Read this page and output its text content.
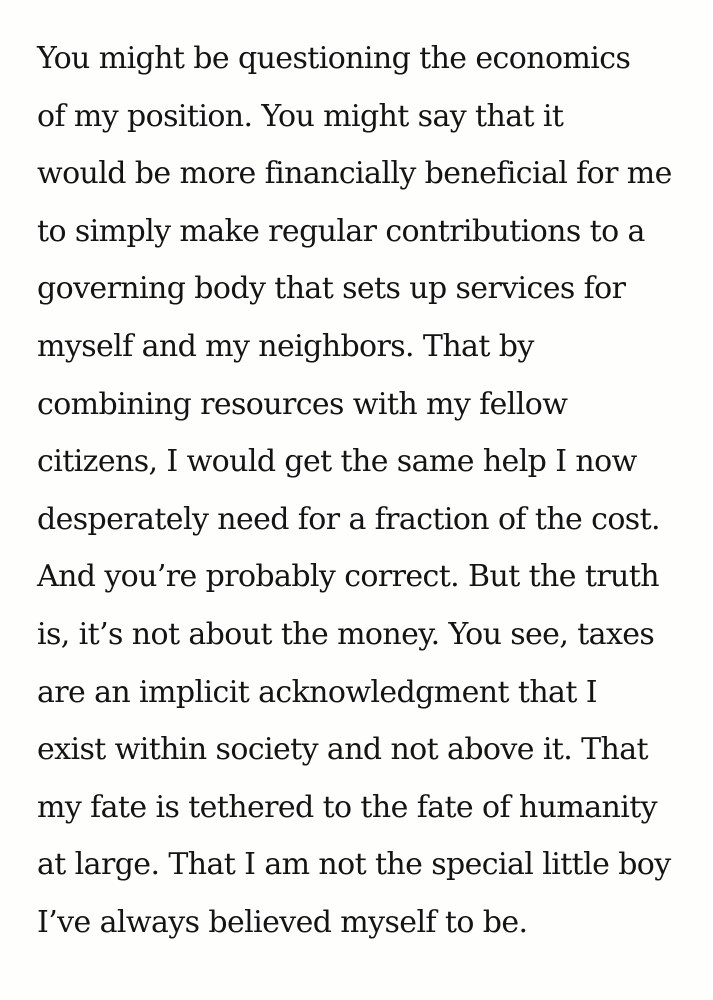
You might be questioning the economics
of my position. You might say that it
would be more financially beneficial for me
to simply make regular contributions to a
governing body that sets up services for
myself and my neighbors. That by
combining resources with my fellow
citizens, I would get the same help I now
desperately need for a fraction of the cost.
And you’re probably correct. But the truth
is, it’s not about the money. You see, taxes
are an implicit acknowledgment that I
exist within society and not above it. That
my fate is tethered to the fate of humanity
at large. That I am not the special little boy
I’ve always believed myself to be.
